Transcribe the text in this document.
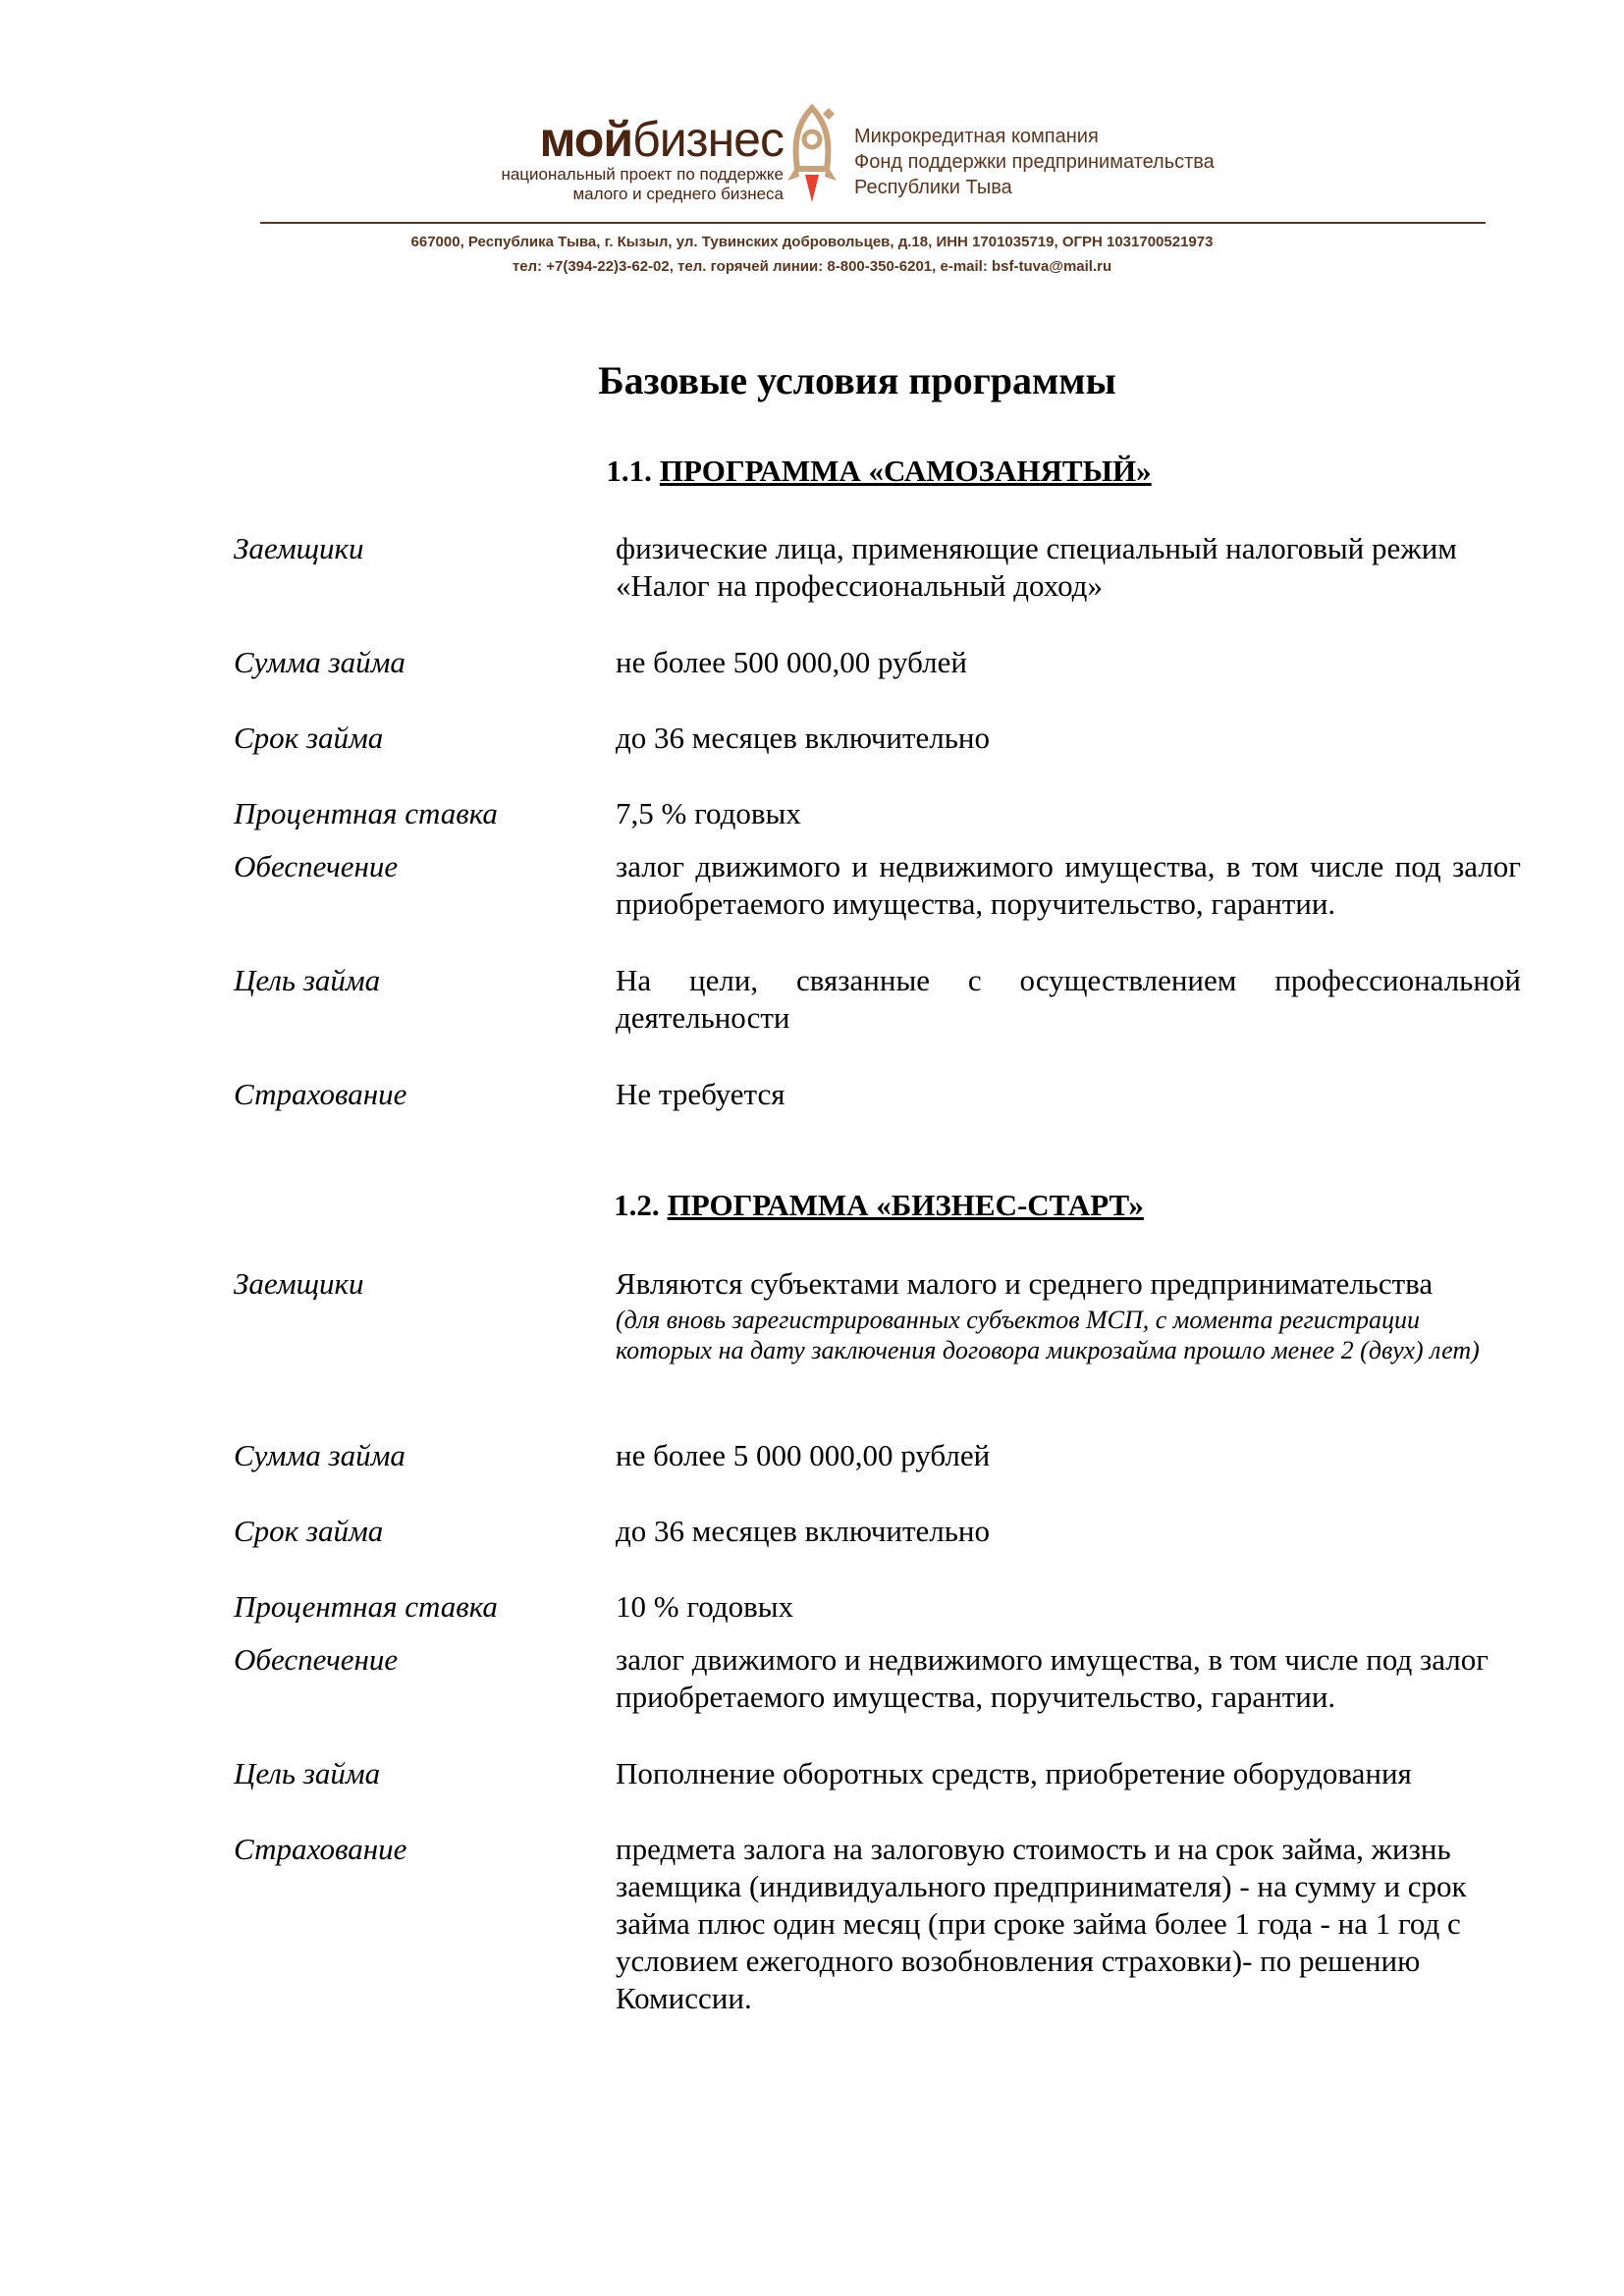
мойбизнес
национальный проект по поддержке
малого и среднего бизнеса
Микрокредитная компания
Фонд поддержки предпринимательства
Республики Тыва
667000, Республика Тыва, г. Кызыл, ул. Тувинских добровольцев, д.18, ИНН 1701035719, ОГРН 1031700521973
тел: +7(394-22)3-62-02, тел. горячей линии: 8-800-350-6201, e-mail: bsf-tuva@mail.ru
Базовые условия программы
1.1. ПРОГРАММА «САМОЗАНЯТЫЙ»
Заемщики	физические лица, применяющие специальный налоговый режим «Налог на профессиональный доход»
Сумма займа	не более 500 000,00 рублей
Срок займа	до 36 месяцев включительно
Процентная ставка	7,5 % годовых
Обеспечение	залог движимого и недвижимого имущества, в том числе под залог приобретаемого имущества, поручительство, гарантии.
Цель займа	На цели, связанные с осуществлением профессиональной деятельности
Страхование	Не требуется
1.2. ПРОГРАММА «БИЗНЕС-СТАРТ»
Заемщики	Являются субъектами малого и среднего предпринимательства
(для вновь зарегистрированных субъектов МСП, с момента регистрации которых на дату заключения договора микрозайма прошло менее 2 (двух) лет)
Сумма займа	не более 5 000 000,00 рублей
Срок займа	до 36 месяцев включительно
Процентная ставка	10 % годовых
Обеспечение	залог движимого и недвижимого имущества, в том числе под залог приобретаемого имущества, поручительство, гарантии.
Цель займа	Пополнение оборотных средств, приобретение оборудования
Страхование	предмета залога на залоговую стоимость и на срок займа, жизнь заемщика (индивидуального предпринимателя) - на сумму и срок займа плюс один месяц (при сроке займа более 1 года - на 1 год с условием ежегодного возобновления страховки)- по решению Комиссии.
